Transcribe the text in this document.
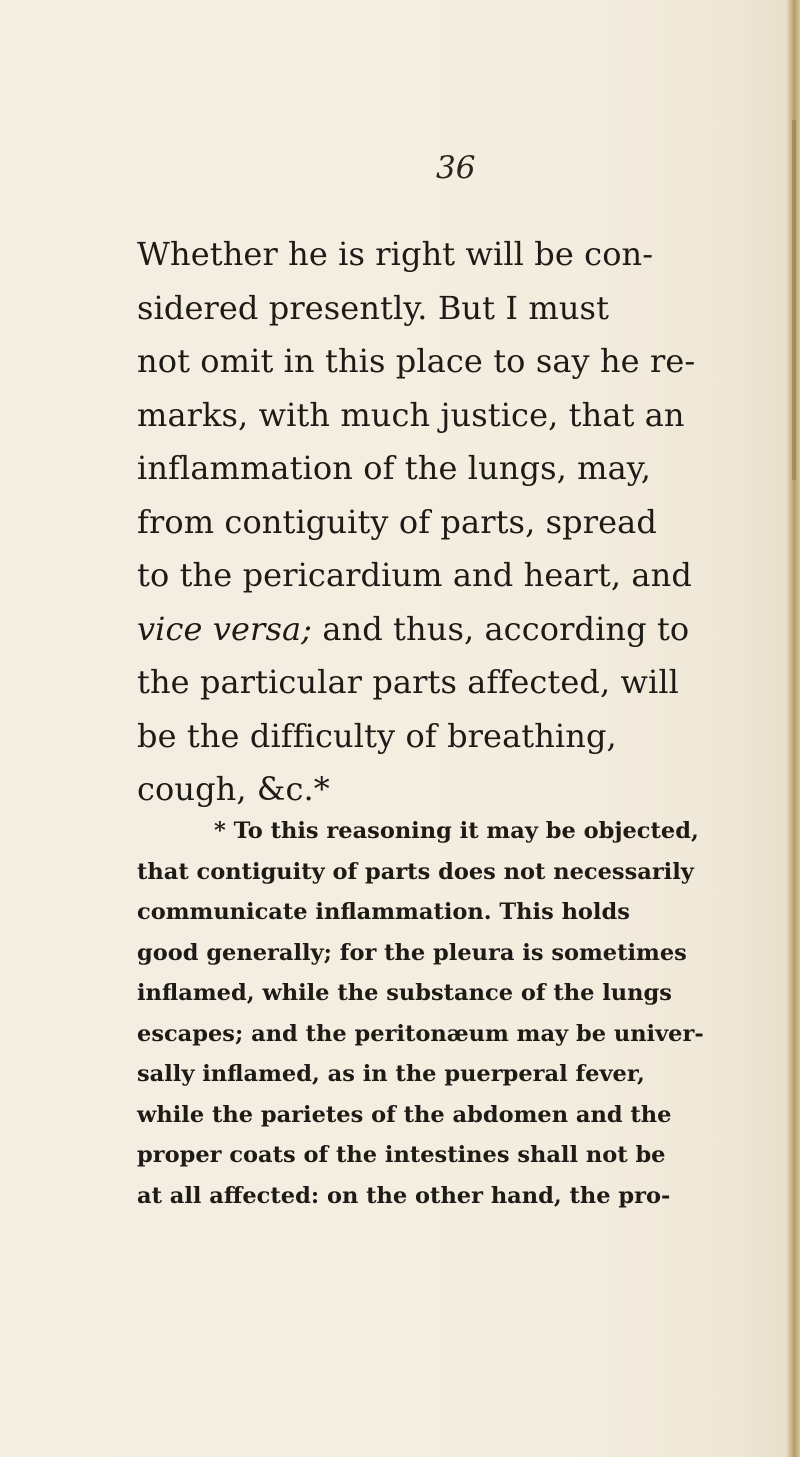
36
Whether he is right will be con-
sidered presently. But I must
not omit in this place to say he re-
marks, with much justice, that an
inflammation of the lungs, may,
from contiguity of parts, spread
to the pericardium and heart, and
vice versa; and thus, according to
the particular parts affected, will
be the difficulty of breathing,
cough, &c.*
* To this reasoning it may be objected,
that contiguity of parts does not necessarily
communicate inflammation. This holds
good generally; for the pleura is sometimes
inflamed, while the substance of the lungs
escapes; and the peritonæum may be univer-
sally inflamed, as in the puerperal fever,
while the parietes of the abdomen and the
proper coats of the intestines shall not be
at all affected: on the other hand, the pro-
